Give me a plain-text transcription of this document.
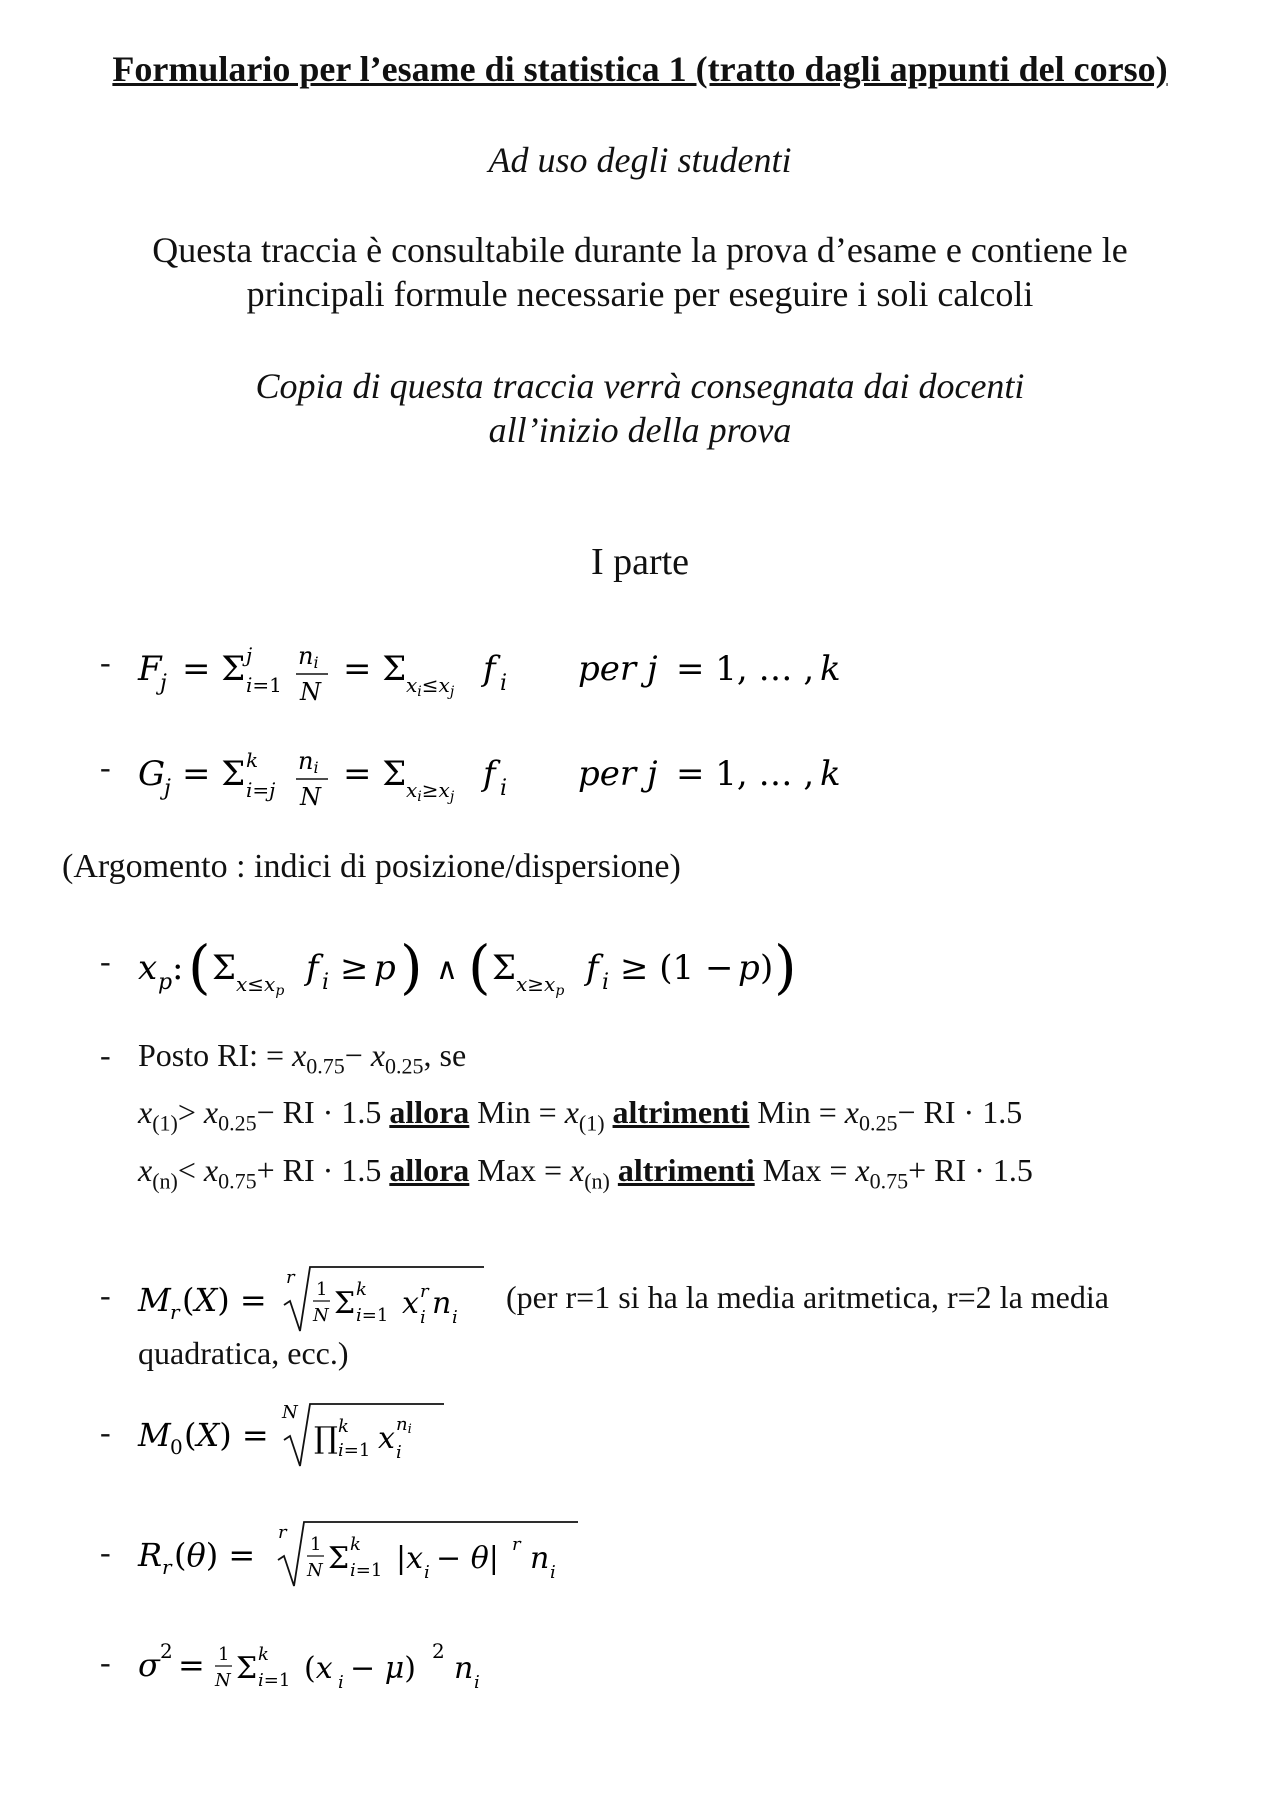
Formulario per l’esame di statistica 1 (tratto dagli appunti del corso)
Ad uso degli studenti
Questa traccia è consultabile durante la prova d’esame e contiene le
principali formule necessarie per eseguire i soli calcoli
Copia di questa traccia verrà consegnata dai docenti
all’inizio della prova
I parte
- F
j = Σ j
i=1
ni
N
= Σ $x_i\le x_j$
f i per j = 1, … , k
- G
j = Σ k
i=j
ni
N
= Σ $x_i\ge x_j$
f i per j = 1, … , k
(Argomento : indici di posizione/dispersione)
- x p : ( Σ $x\le x_p$
f i ≥ p ) ∧ ( Σ $x\ge x_p$
f i ≥ (1 − p ) )
- Posto RI: = $x_{0.75}- x_{0.25}$, se
$x_{(1)}> x_{0.25}-$ RI · 1.5 allora Min = $x_{(1)}$ altrimenti Min = $x_{0.25}-$ RI · 1.5
$x_{(n)}< x_{0.75}+$ RI · 1.5 allora Max = $x_{(n)}$ altrimenti Max = $x_{0.75}+$ RI · 1.5
- M r (X) =
r
1
N Σ k
i=1 x r
i n i
(per r=1 si ha la media aritmetica, r=2 la media
quadratica, ecc.)
- M 0 (X) =
N
∏ k
i=1 x ni
i
- R r (θ) =
r
1
N Σ k
i=1 |x i − θ| r n i
- σ 2 = 1
N Σ k
i=1 (x i − μ) 2 n i
